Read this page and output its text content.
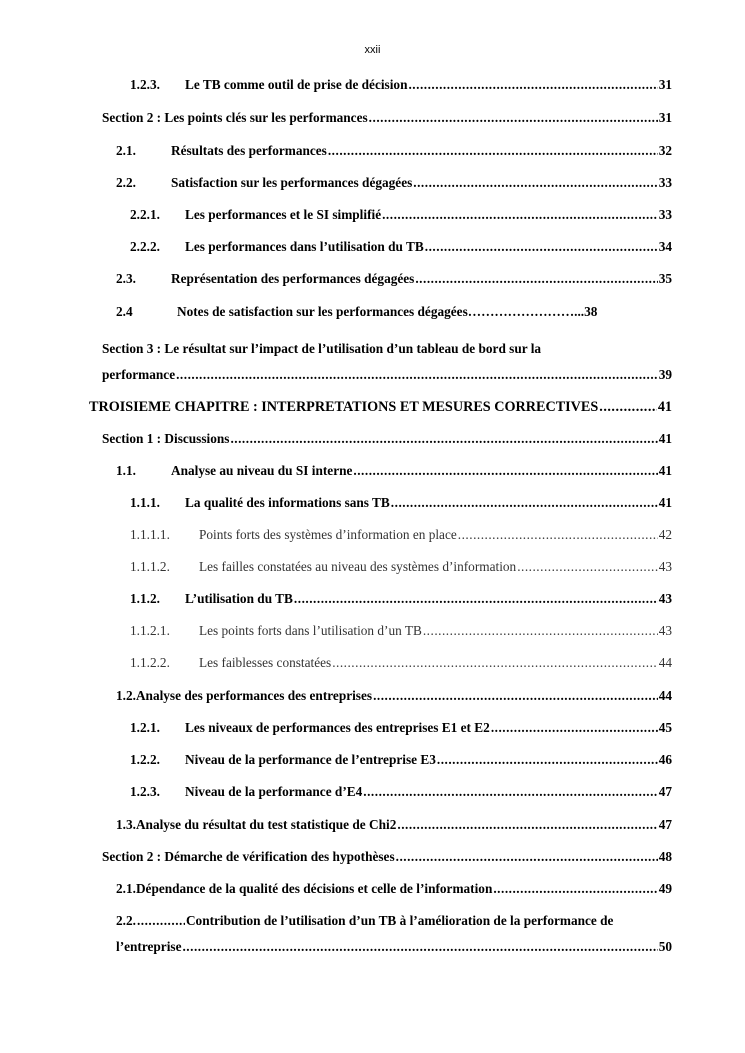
xxii
1.2.3.	Le TB comme outil de prise de décision .....	31
Section 2 : Les points clés sur les performances .....	31
2.1.	Résultats des performances .....	32
2.2.	Satisfaction sur les performances dégagées .....	33
2.2.1.	Les performances et le SI simplifié .....	33
2.2.2.	Les performances dans l’utilisation du TB .....	34
2.3.	Représentation des performances dégagées .....	35
2.4	Notes de satisfaction sur les performances dégagées ……………………...38
Section 3 : Le résultat sur l’impact de l’utilisation d’un tableau de bord sur la
performance .....	39
TROISIEME CHAPITRE : INTERPRETATIONS ET MESURES CORRECTIVES .....	41
Section 1 : Discussions .....	41
1.1.	Analyse au niveau du SI interne .....	41
1.1.1.	La qualité des informations sans TB .....	41
1.1.1.1.	Points forts des systèmes d’information en place .....	42
1.1.1.2.	Les failles constatées au niveau des systèmes d’information .....	43
1.1.2.	L’utilisation du TB .....	43
1.1.2.1.	Les points forts dans l’utilisation d’un TB .....	43
1.1.2.2.	Les faiblesses constatées .....	44
1.2.Analyse des performances des entreprises .....	44
1.2.1.	Les niveaux de performances des entreprises E1 et E2 .....	45
1.2.2.	Niveau de la performance de l’entreprise E3 .....	46
1.2.3.	Niveau de la performance d’E4 .....	47
1.3.Analyse du résultat du test statistique de Chi2 .....	47
Section 2 : Démarche de vérification des hypothèses .....	48
2.1.Dépendance de la qualité des décisions et celle de l’information .....	49
2.2. .....	Contribution de l’utilisation d’un TB à l’amélioration de la performance de
l’entreprise .....	50
